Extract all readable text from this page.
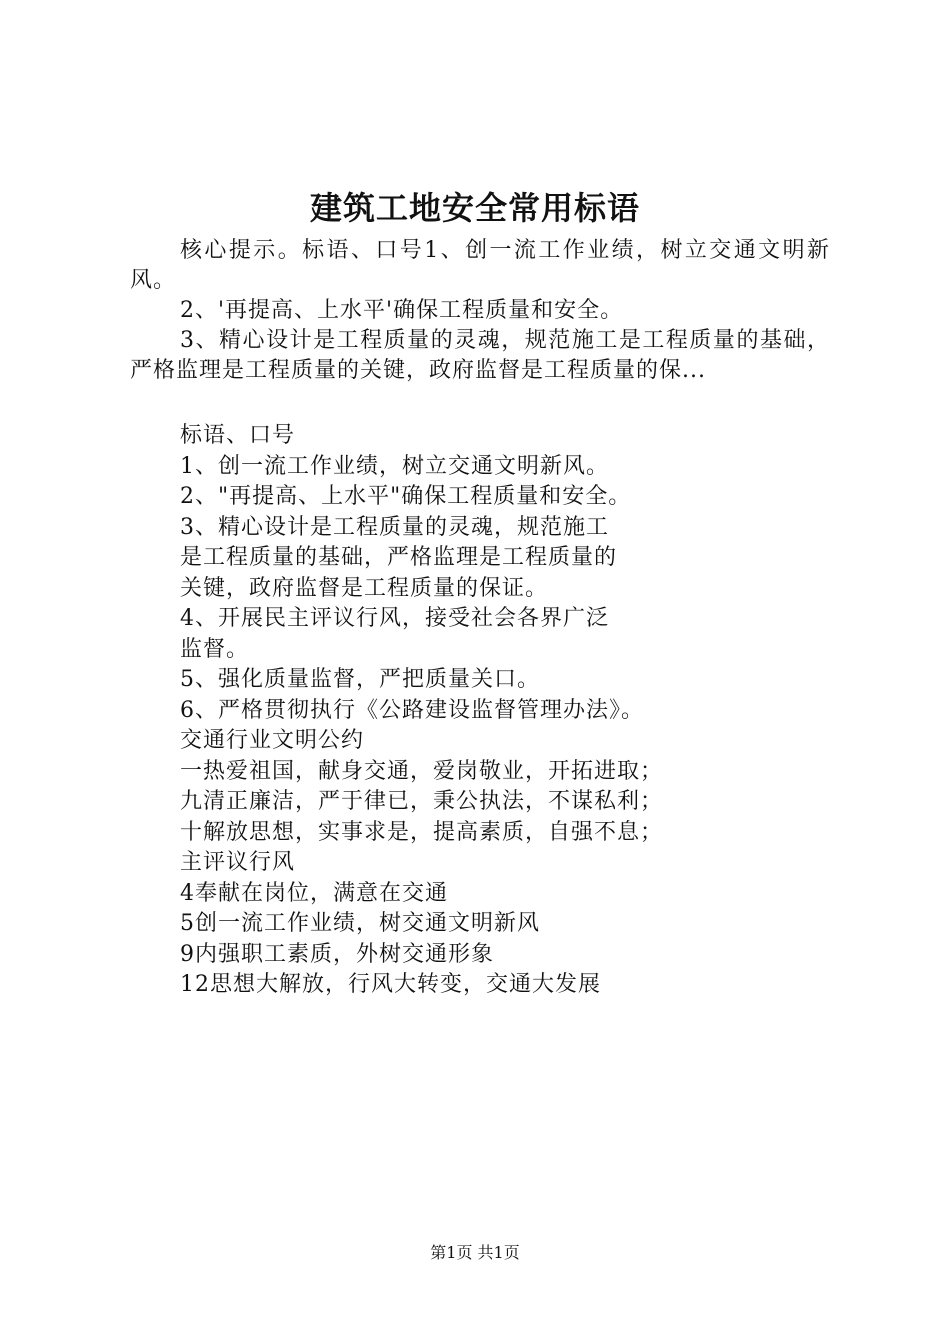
建筑工地安全常用标语

核心提示。标语、口号1、创一流工作业绩，树立交通文明新风。

2、'再提高、上水平'确保工程质量和安全。

3、精心设计是工程质量的灵魂，规范施工是工程质量的基础，严格监理是工程质量的关键，政府监督是工程质量的保...

标语、口号
1、创一流工作业绩，树立交通文明新风。
2、"再提高、上水平"确保工程质量和安全。
3、精心设计是工程质量的灵魂，规范施工
是工程质量的基础，严格监理是工程质量的
关键，政府监督是工程质量的保证。
4、开展民主评议行风，接受社会各界广泛
监督。
5、强化质量监督，严把质量关口。
6、严格贯彻执行《公路建设监督管理办法》。
交通行业文明公约
一热爱祖国，献身交通，爱岗敬业，开拓进取；
九清正廉洁，严于律已，秉公执法，不谋私利；
十解放思想，实事求是，提高素质，自强不息；
主评议行风
4奉献在岗位，满意在交通
5创一流工作业绩，树交通文明新风
9内强职工素质，外树交通形象
12思想大解放，行风大转变，交通大发展
第1页 共1页
